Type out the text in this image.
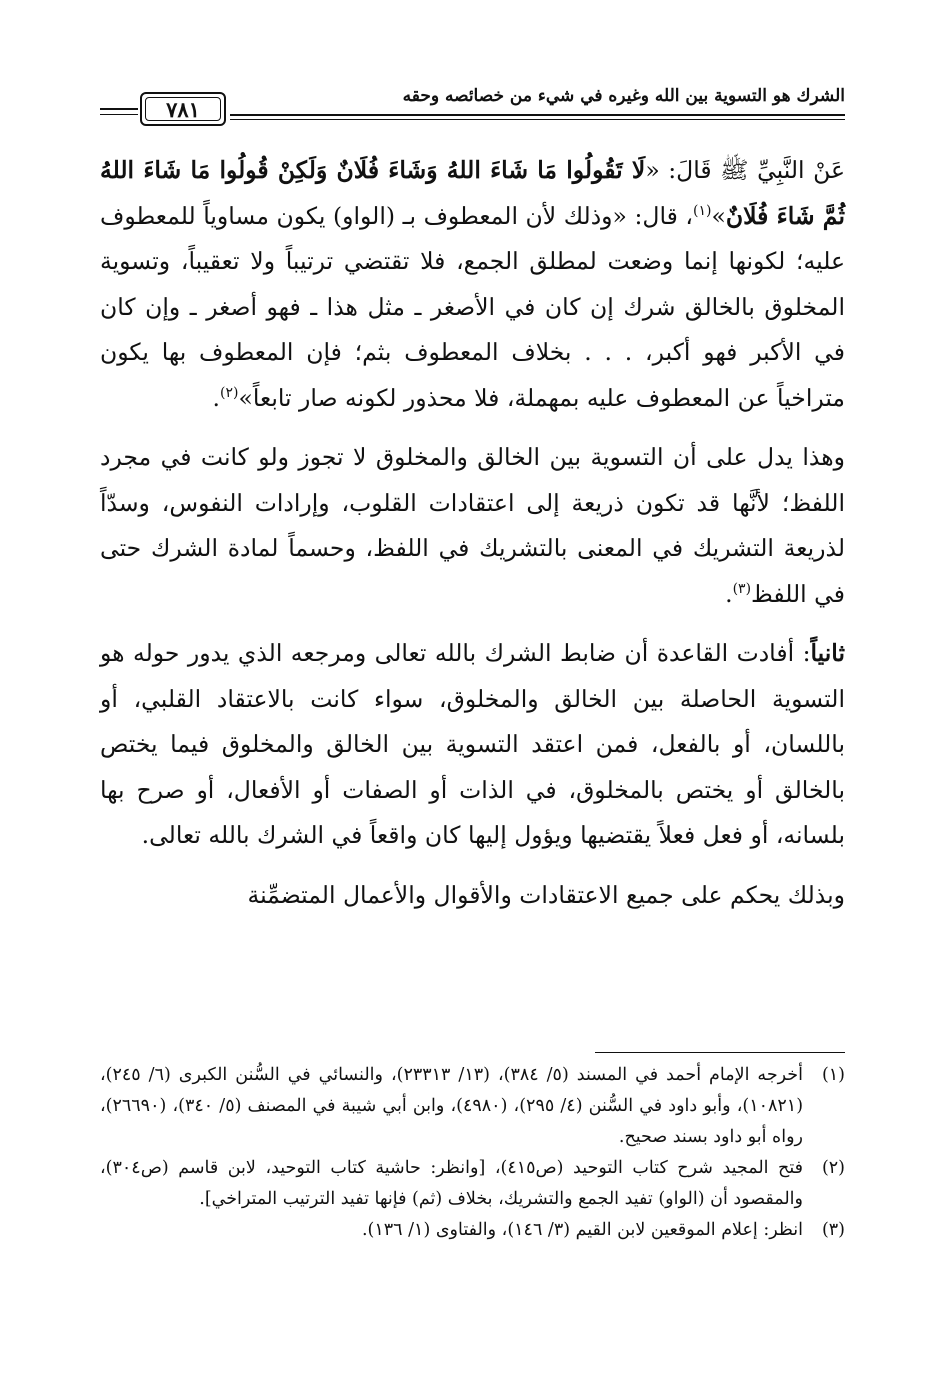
الشرك هو التسوية بين الله وغيره في شيء من خصائصه وحقه
٧٨١

عَنْ النَّبِيِّ ﷺ قَالَ: «لَا تَقُولُوا مَا شَاءَ اللهُ وَشَاءَ فُلَانٌ وَلَكِنْ قُولُوا مَا شَاءَ اللهُ ثُمَّ شَاءَ فُلَانٌ»$^{(١)}$، قال: «وذلك لأن المعطوف بـ (الواو) يكون مساوياً للمعطوف عليه؛ لكونها إنما وضعت لمطلق الجمع، فلا تقتضي ترتيباً ولا تعقيباً، وتسوية المخلوق بالخالق شرك إن كان في الأصغر ـ مثل هذا ـ فهو أصغر ـ وإن كان في الأكبر فهو أكبر، . . . بخلاف المعطوف بثم؛ فإن المعطوف بها يكون متراخياً عن المعطوف عليه بمهملة، فلا محذور لكونه صار تابعاً»$^{(٢)}$.

وهذا يدل على أن التسوية بين الخالق والمخلوق لا تجوز ولو كانت في مجرد اللفظ؛ لأنَّها قد تكون ذريعة إلى اعتقادات القلوب، وإرادات النفوس، وسدّاً لذريعة التشريك في المعنى بالتشريك في اللفظ، وحسماً لمادة الشرك حتى في اللفظ$^{(٣)}$.

ثانياً: أفادت القاعدة أن ضابط الشرك بالله تعالى ومرجعه الذي يدور حوله هو التسوية الحاصلة بين الخالق والمخلوق، سواء كانت بالاعتقاد القلبي، أو باللسان، أو بالفعل، فمن اعتقد التسوية بين الخالق والمخلوق فيما يختص بالخالق أو يختص بالمخلوق، في الذات أو الصفات أو الأفعال، أو صرح بها بلسانه، أو فعل فعلاً يقتضيها ويؤول إليها كان واقعاً في الشرك بالله تعالى.

وبذلك يحكم على جميع الاعتقادات والأقوال والأعمال المتضمِّنة

(١)
أخرجه الإمام أحمد في المسند (٥/ ٣٨٤)، (١٣/ ٢٣٣١٣)، والنسائي في السُّنن الكبرى (٦/ ٢٤٥)، (١٠٨٢١)، وأبو داود في السُّنن (٤/ ٢٩٥)، (٤٩٨٠)، وابن أبي شيبة في المصنف (٥/ ٣٤٠)، (٢٦٦٩٠)، رواه أبو داود بسند صحيح.
(٢)
فتح المجيد شرح كتاب التوحيد (ص٤١٥)، [وانظر: حاشية كتاب التوحيد، لابن قاسم (ص٣٠٤)، والمقصود أن (الواو) تفيد الجمع والتشريك، بخلاف (ثم) فإنها تفيد الترتيب المتراخي].
(٣)
انظر: إعلام الموقعين لابن القيم (٣/ ١٤٦)، والفتاوى (١/ ١٣٦).
